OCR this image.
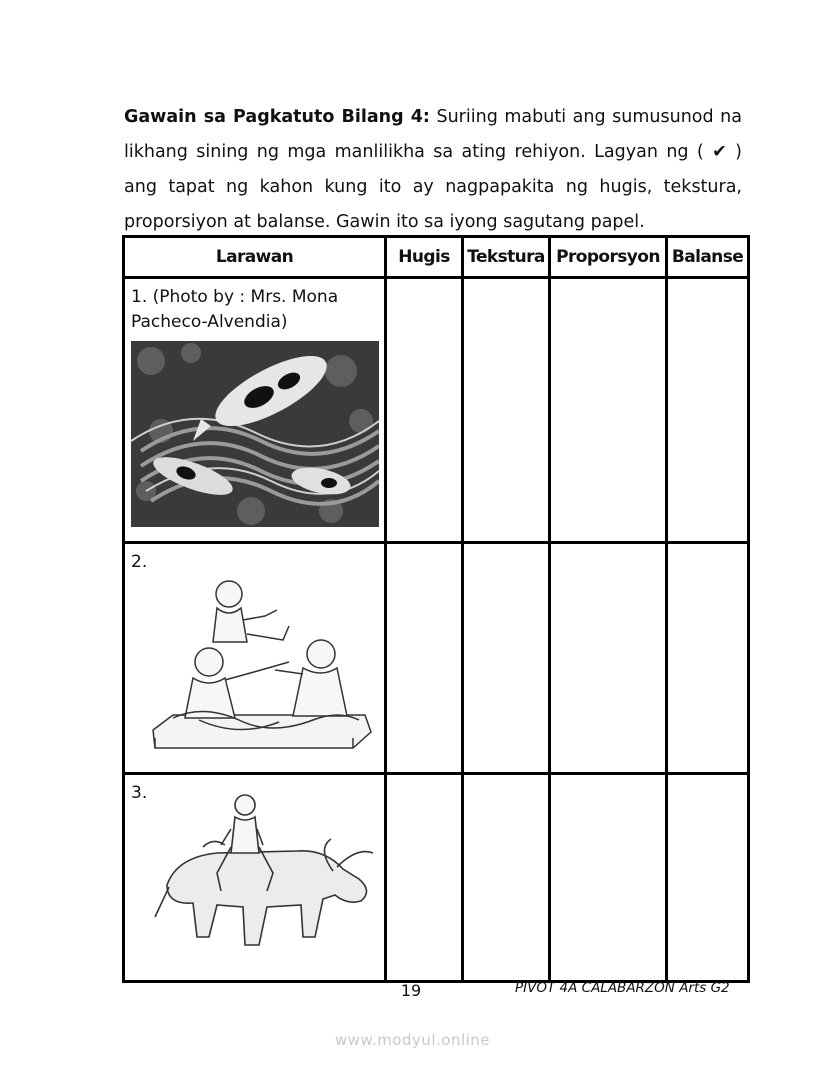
Gawain sa Pagkatuto Bilang 4: Suriing mabuti ang sumusunod na likhang sining ng mga manlilikha sa ating rehiyon. Lagyan ng ( ✔ ) ang tapat ng kahon kung ito ay nagpapakita ng hugis, tekstura, proporsiyon at balanse. Gawin ito sa iyong sagutang papel.
Larawan	Hugis	Tekstura	Proporsyon	Balanse

1. (Photo by : Mrs. Mona Pacheco-Alvendia)				

2.				

3.				

19	PIVOT 4A CALABARZON Arts G2
www.modyul.online
